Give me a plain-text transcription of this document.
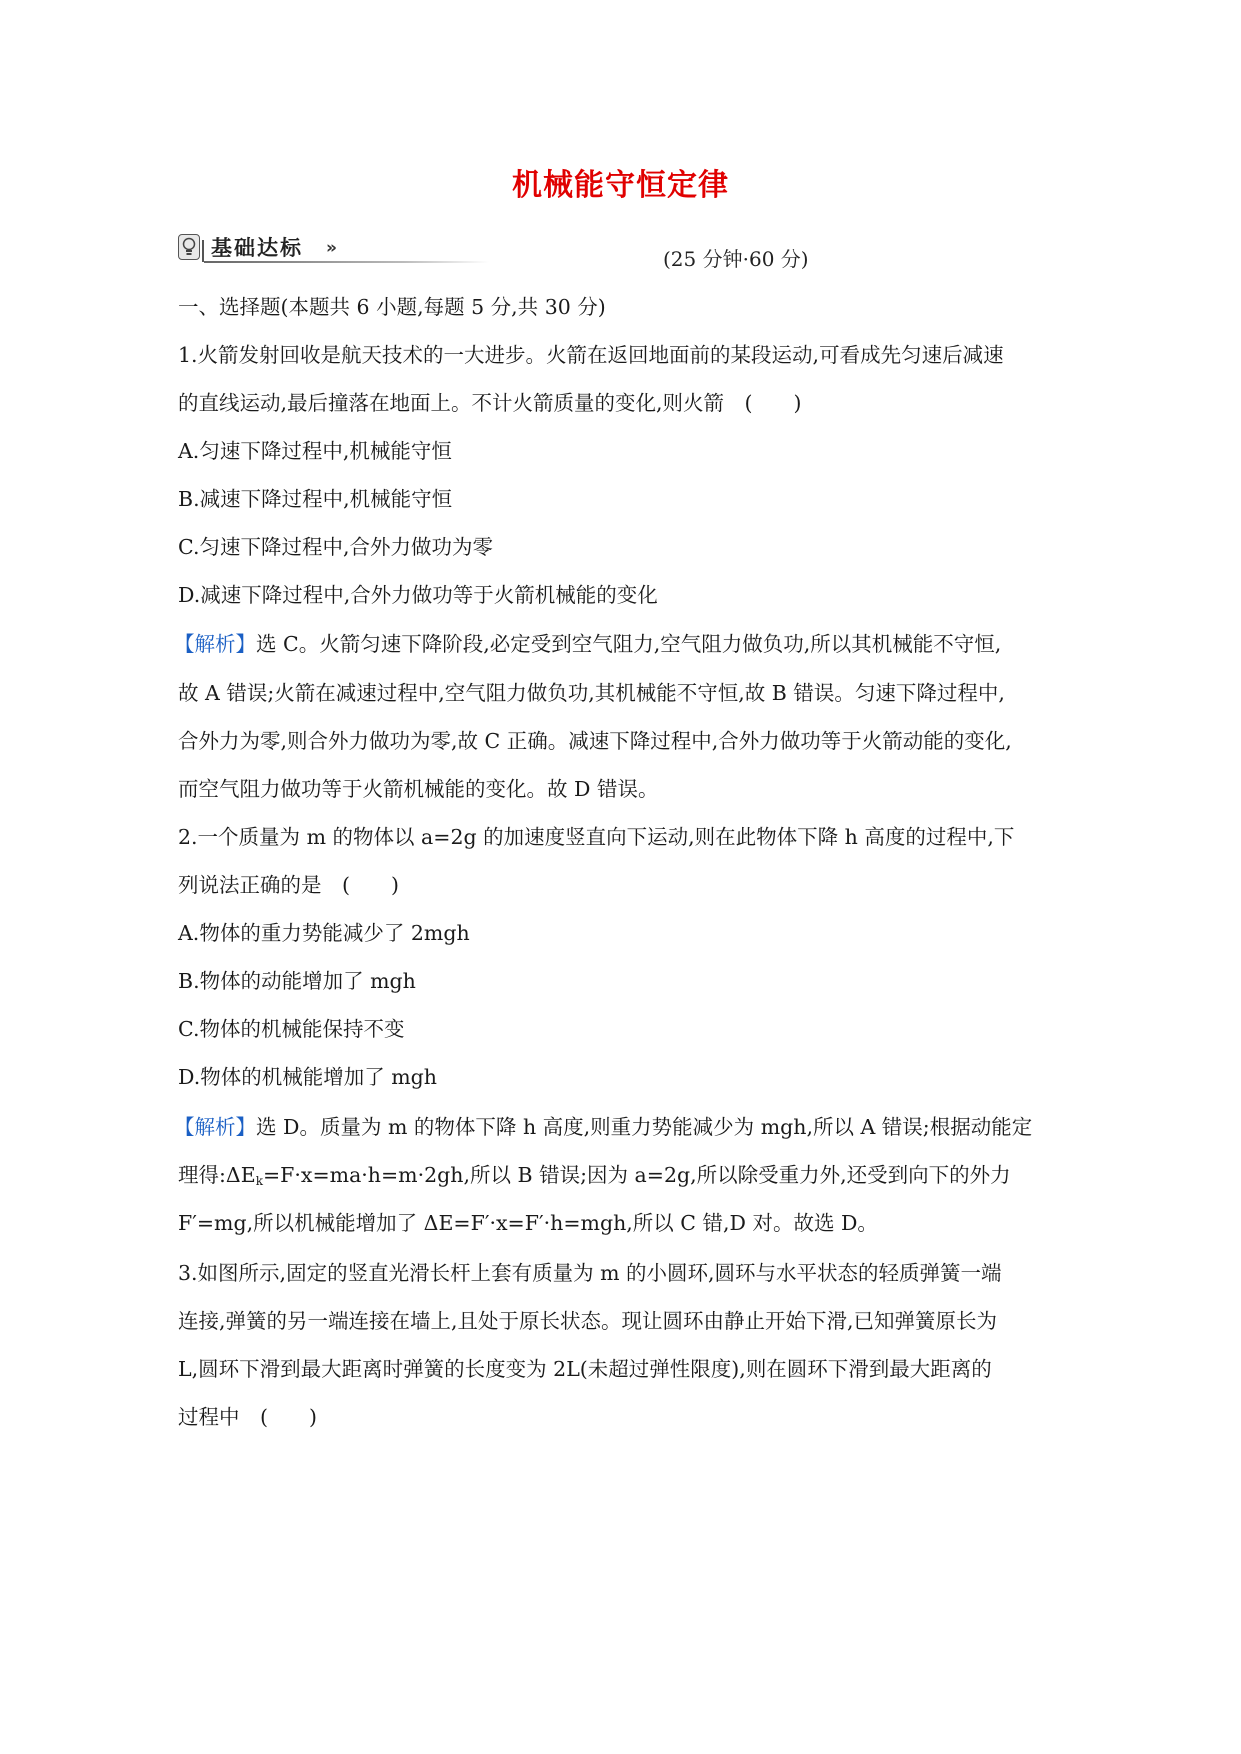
机械能守恒定律
基础达标 »	(25 分钟·60 分)
一、选择题(本题共 6 小题,每题 5 分,共 30 分)
1.火箭发射回收是航天技术的一大进步。火箭在返回地面前的某段运动,可看成先匀速后减速
的直线运动,最后撞落在地面上。不计火箭质量的变化,则火箭　(　　)
A.匀速下降过程中,机械能守恒
B.减速下降过程中,机械能守恒
C.匀速下降过程中,合外力做功为零
D.减速下降过程中,合外力做功等于火箭机械能的变化
【解析】选 C。火箭匀速下降阶段,必定受到空气阻力,空气阻力做负功,所以其机械能不守恒,
故 A 错误;火箭在减速过程中,空气阻力做负功,其机械能不守恒,故 B 错误。匀速下降过程中,
合外力为零,则合外力做功为零,故 C 正确。减速下降过程中,合外力做功等于火箭动能的变化,
而空气阻力做功等于火箭机械能的变化。故 D 错误。
2.一个质量为 m 的物体以 a=2g 的加速度竖直向下运动,则在此物体下降 h 高度的过程中,下
列说法正确的是　(　　)
A.物体的重力势能减少了 2mgh
B.物体的动能增加了 mgh
C.物体的机械能保持不变
D.物体的机械能增加了 mgh
【解析】选 D。质量为 m 的物体下降 h 高度,则重力势能减少为 mgh,所以 A 错误;根据动能定
理得$:\Delta E_k=F\cdot x=ma\cdot h=m\cdot 2gh$,所以 B 错误;因为 a=2g,所以除受重力外,还受到向下的外力
F′=mg,所以机械能增加了 ΔE=F′·x=F′·h=mgh,所以 C 错,D 对。故选 D。
3.如图所示,固定的竖直光滑长杆上套有质量为 m 的小圆环,圆环与水平状态的轻质弹簧一端
连接,弹簧的另一端连接在墙上,且处于原长状态。现让圆环由静止开始下滑,已知弹簧原长为
L,圆环下滑到最大距离时弹簧的长度变为 2L(未超过弹性限度),则在圆环下滑到最大距离的
过程中　(　　)
